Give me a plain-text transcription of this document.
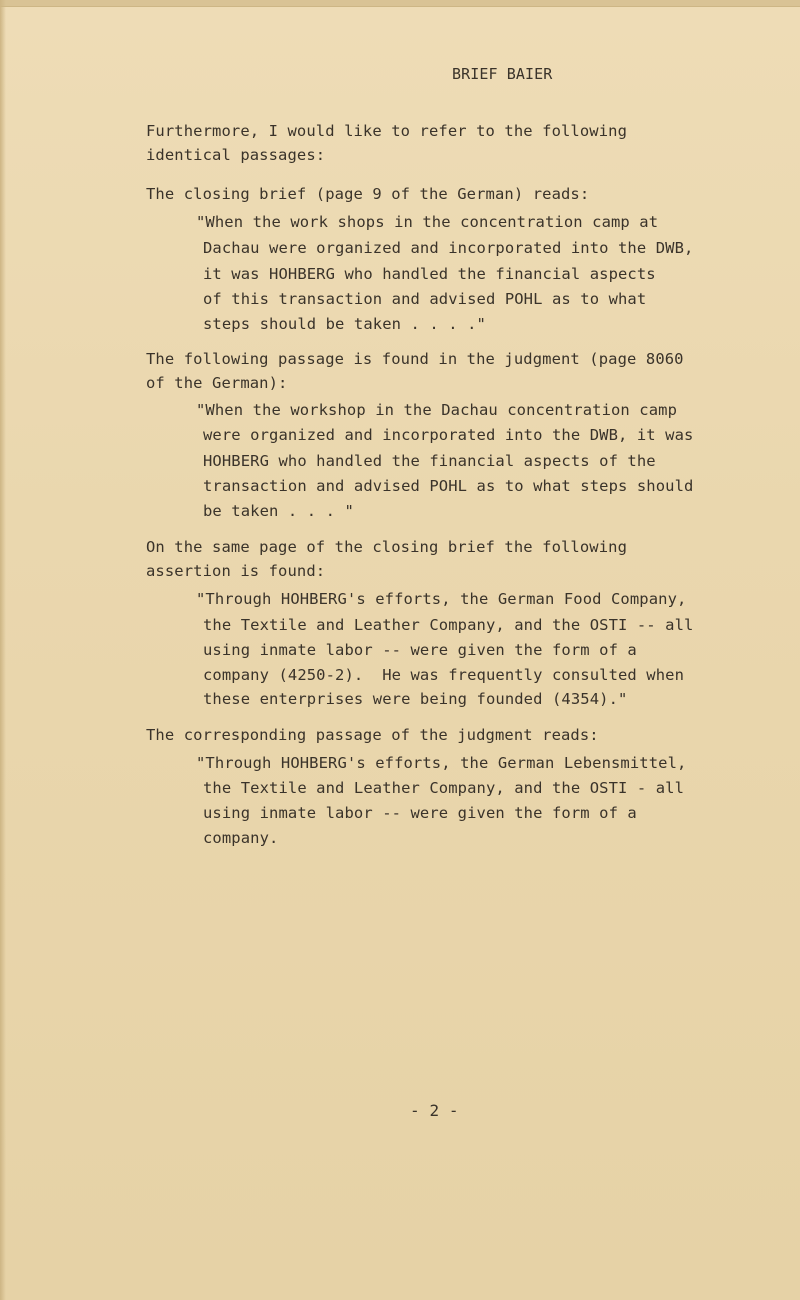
BRIEF BAIER
Furthermore, I would like to refer to the following
identical passages:
The closing brief (page 9 of the German) reads:
"When the work shops in the concentration camp at
Dachau were organized and incorporated into the DWB,
it was HOHBERG who handled the financial aspects
of this transaction and advised POHL as to what
steps should be taken . . . ."
The following passage is found in the judgment (page 8060
of the German):
"When the workshop in the Dachau concentration camp
were organized and incorporated into the DWB, it was
HOHBERG who handled the financial aspects of the
transaction and advised POHL as to what steps should
be taken . . . "
On the same page of the closing brief the following
assertion is found:
"Through HOHBERG's efforts, the German Food Company,
the Textile and Leather Company, and the OSTI -- all
using inmate labor -- were given the form of a
company (4250-2).  He was frequently consulted when
these enterprises were being founded (4354)."
The corresponding passage of the judgment reads:
"Through HOHBERG's efforts, the German Lebensmittel,
the Textile and Leather Company, and the OSTI - all
using inmate labor -- were given the form of a
company.
- 2 -
